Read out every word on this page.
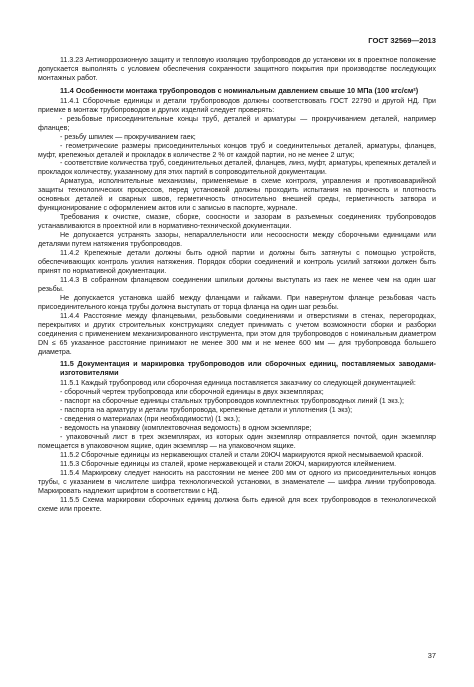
ГОСТ 32569—2013

11.3.23 Антикоррозионную защиту и тепловую изоляцию трубопроводов до установки их в проектное положение допускается выполнять с условием обеспечения сохранности защитного покрытия при производстве последующих монтажных работ.

11.4 Особенности монтажа трубопроводов с номинальным давлением свыше 10 МПа (100 кгс/см²)

11.4.1 Сборочные единицы и детали трубопроводов должны соответствовать ГОСТ 22790 и другой НД. При приемке в монтаж трубопроводов и других изделий следует проверять:

- резьбовые присоединительные концы труб, деталей и арматуры — прокручиванием деталей, например фланцев;

- резьбу шпилек — прокручиванием гаек;

- геометрические размеры присоединительных концов труб и соединительных деталей, арматуры, фланцев, муфт, крепежных деталей и прокладок в количестве 2 % от каждой партии, но не менее 2 штук;

- соответствие количества труб, соединительных деталей, фланцев, линз, муфт, арматуры, крепежных деталей и прокладок количеству, указанному для этих партий в сопроводительной документации.

Арматура, исполнительные механизмы, применяемые в схеме контроля, управления и противоаварийной защиты технологических процессов, перед установкой должны проходить испытания на прочность и плотность основных деталей и сварных швов, герметичность относительно внешней среды, герметичность затвора и функционирование с оформлением актов или с записью в паспорте, журнале.

Требования к очистке, смазке, сборке, соосности и зазорам в разъемных соединениях трубопроводов устанавливаются в проектной или в нормативно-технической документации.

Не допускается устранять зазоры, непараллельности или несоосности между сборочными единицами или деталями путем натяжения трубопроводов.

11.4.2 Крепежные детали должны быть одной партии и должны быть затянуты с помощью устройств, обеспечивающих контроль усилия натяжения. Порядок сборки соединений и контроль усилий затяжки должен быть принят по нормативной документации.

11.4.3 В собранном фланцевом соединении шпильки должны выступать из гаек не менее чем на один шаг резьбы.

Не допускается установка шайб между фланцами и гайками. При навернутом фланце резьбовая часть присоединительного конца трубы должна выступать от торца фланца на один шаг резьбы.

11.4.4 Расстояние между фланцевыми, резьбовыми соединениями и отверстиями в стенах, перегородках, перекрытиях и других строительных конструкциях следует принимать с учетом возможности сборки и разборки соединения с применением механизированного инструмента, при этом для трубопроводов с номинальным диаметром DN ≤ 65 указанное расстояние принимают не менее 300 мм и не менее 600 мм — для трубопровода большего диаметра.

11.5 Документация и маркировка трубопроводов или сборочных единиц, поставляемых заводами-изготовителями

11.5.1 Каждый трубопровод или сборочная единица поставляется заказчику со следующей документацией:

- сборочный чертеж трубопровода или сборочной единицы в двух экземплярах;

- паспорт на сборочные единицы стальных трубопроводов комплектных трубопроводных линий (1 экз.);

- паспорта на арматуру и детали трубопровода, крепежные детали и уплотнения (1 экз);

- сведения о материалах (при необходимости) (1 экз.);

- ведомость на упаковку (комплектовочная ведомость) в одном экземпляре;

- упаковочный лист в трех экземплярах, из которых один экземпляр отправляется почтой, один экземпляр помещается в упаковочном ящике, один экземпляр — на упаковочном ящике.

11.5.2 Сборочные единицы из нержавеющих сталей и стали 20ЮЧ маркируются яркой несмываемой краской.

11.5.3 Сборочные единицы из сталей, кроме нержавеющей и стали 20ЮЧ, маркируются клеймением.

11.5.4 Маркировку следует наносить на расстоянии не менее 200 мм от одного из присоединительных концов трубы, с указанием в числителе шифра технологической установки, в знаменателе — шифра линии трубопровода. Маркировать надлежит шрифтом в соответствии с НД.

11.5.5 Схема маркировки сборочных единиц должна быть единой для всех трубопроводов в технологической схеме или проекте.

37
